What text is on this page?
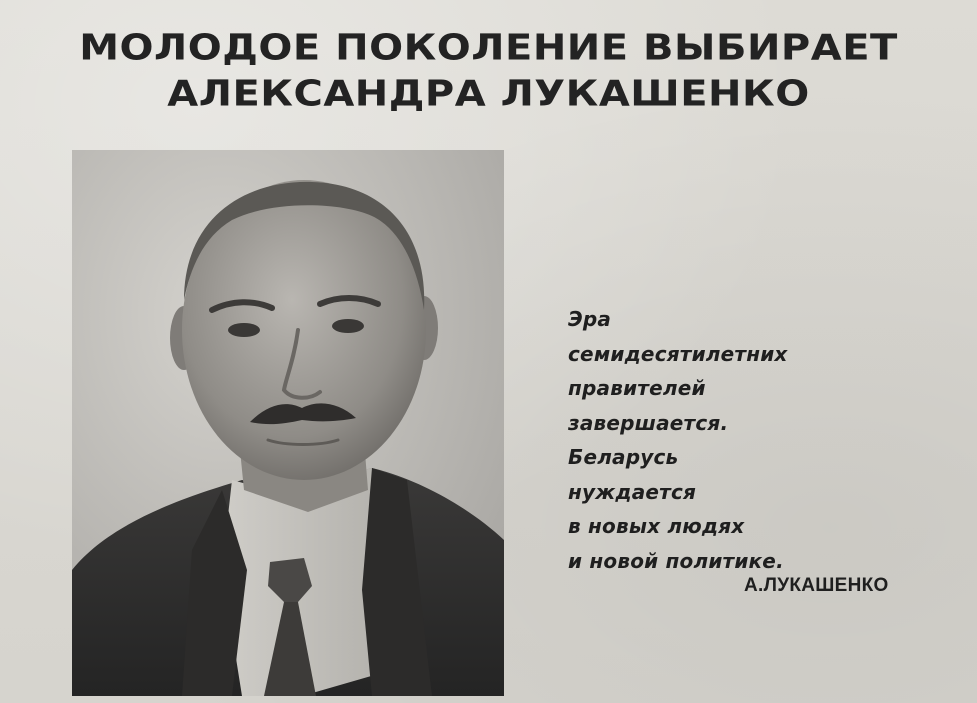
МОЛОДОЕ ПОКОЛЕНИЕ ВЫБИРАЕТ
АЛЕКСАНДРА ЛУКАШЕНКО
Эра
семидесятилетних
правителей
завершается.
Беларусь
нуждается
в новых людях
и новой политике.
А.ЛУКАШЕНКО
